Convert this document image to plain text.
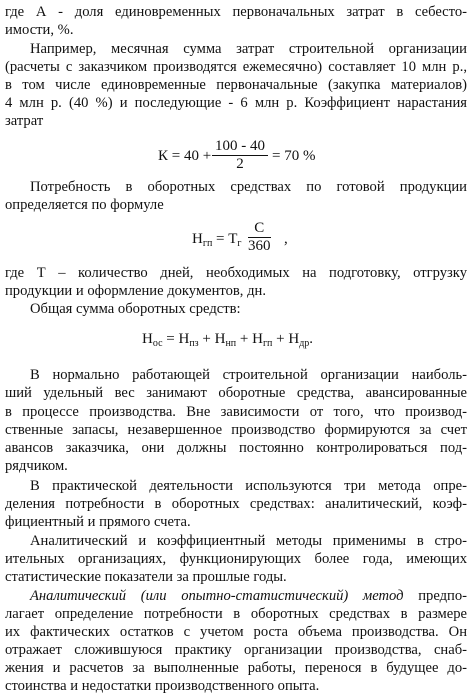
где А - доля единовременных первоначальных затрат в себесто-
имости, %.
Например, месячная сумма затрат строительной организации
(расчеты с заказчиком производятся ежемесячно) составляет 10 млн р.,
в том числе единовременные первоначальные (закупка материалов)
4 млн р. (40 %) и последующие - 6 млн р. Коэффициент нарастания
затрат
$К = 40 + \frac{100 - 40}{2} = 70$ %
Потребность в оборотных средствах по готовой продукции
определяется по формуле
$Н_{гп} = Т_г$
С
360 ,
где Т – количество дней, необходимых на подготовку, отгрузку
продукции и оформление документов, дн.
Общая сумма оборотных средств:
$Н_{ос} = Н_{пз} + Н_{нп} + Н_{гп} + Н_{др}$.
В нормально работающей строительной организации наиболь-
ший удельный вес занимают оборотные средства, авансированные
в процессе производства. Вне зависимости от того, что производ-
ственные запасы, незавершенное производство формируются за счет
авансов заказчика, они должны постоянно контролироваться под-
рядчиком.
В практической деятельности используются три метода опре-
деления потребности в оборотных средствах: аналитический, коэф-
фициентный и прямого счета.
Аналитический и коэффициентный методы применимы в стро-
ительных организациях, функционирующих более года, имеющих
статистические показатели за прошлые годы.
Аналитический (или опытно-статистический) метод предпо-
лагает определение потребности в оборотных средствах в размере
их фактических остатков с учетом роста объема производства. Он
отражает сложившуюся практику организации производства, снаб-
жения и расчетов за выполненные работы, перенося в будущее до-
стоинства и недостатки производственного опыта.
